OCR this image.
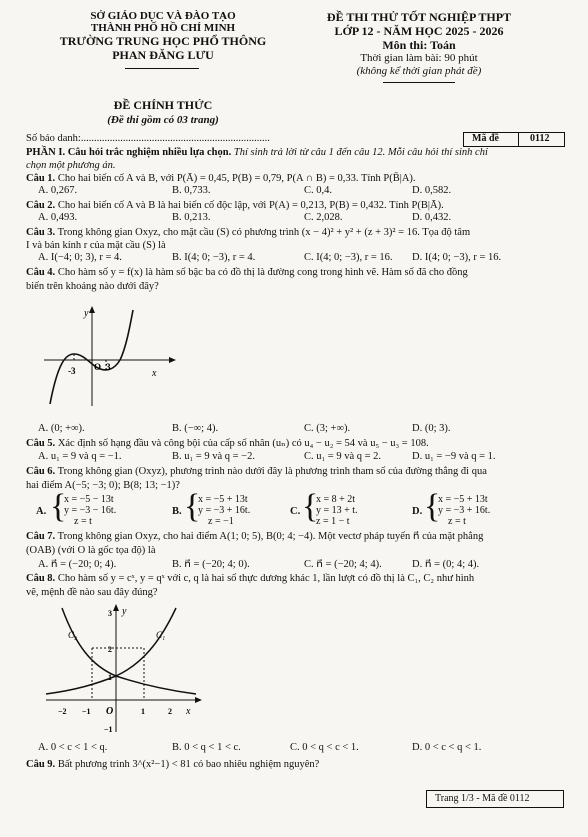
SỞ GIÁO DỤC VÀ ĐÀO TẠO
THÀNH PHỐ HỒ CHÍ MINH
TRƯỜNG TRUNG HỌC PHỔ THÔNG
PHAN ĐĂNG LƯU
ĐỀ CHÍNH THỨC
(Đề thi gồm có 03 trang)
ĐỀ THI THỬ TỐT NGHIỆP THPT
LỚP 12 - NĂM HỌC 2025 - 2026
Môn thi: Toán
Thời gian làm bài: 90 phút
(không kể thời gian phát đề)
Số báo danh:........................................................................	Mã đề	0112
PHẦN I. Câu hỏi trắc nghiệm nhiều lựa chọn. Thí sinh trả lời từ câu 1 đến câu 12. Mỗi câu hỏi thí sinh chỉ
chọn một phương án.
Câu 1. Cho hai biến cố A và B, với P(Ā) = 0,45, P(B) = 0,79, P(A ∩ B) = 0,33. Tính P(B̄|A).
A. 0,267.	B. 0,733.	C. 0,4.	D. 0,582.
Câu 2. Cho hai biến cố A và B là hai biến cố độc lập, với P(A) = 0,213, P(B) = 0,432. Tính P(B|Ā).
A. 0,493.	B. 0,213.	C. 2,028.	D. 0,432.
Câu 3. Trong không gian Oxyz, cho mặt cầu (S) có phương trình (x − 4)² + y² + (z + 3)² = 16. Tọa độ tâm
I và bán kính r của mặt cầu (S) là
A. I(−4; 0; 3), r = 4.	B. I(4; 0; −3), r = 4.	C. I(4; 0; −3), r = 16. D. I(4; 0; −3), r = 16.
Câu 4. Cho hàm số y = f(x) là hàm số bậc ba có đồ thị là đường cong trong hình vẽ. Hàm số đã cho đồng
biến trên khoảng nào dưới đây?
y
x
-3 O 3
A. (0; +∞).	B. (−∞; 4).	C. (3; +∞).	D. (0; 3).
Câu 5. Xác định số hạng đầu và công bội của cấp số nhân (uₙ) có u₄ − u₂ = 54 và u₅ − u₃ = 108.
A. u₁ = 9 và q = −1.	B. u₁ = 9 và q = −2.	C. u₁ = 9 và q = 2.	D. u₁ = −9 và q = 1.
Câu 6. Trong không gian (Oxyz), phương trình nào dưới đây là phương trình tham số của đường thẳng đi qua
hai điểm A(−5; −3; 0); B(8; 13; −1)?
A. {
x = −5 − 13t
y = −3 − 16t.
z = t
B. {
x = −5 + 13t
y = −3 + 16t.
z = −1
C. {
x = 8 + 2t
y = 13 + t.
z = 1 − t
D. {
x = −5 + 13t
y = −3 + 16t.
z = t
Câu 7. Trong không gian Oxyz, cho hai điểm A(1; 0; 5), B(0; 4; −4). Một vectơ pháp tuyến n⃗ của mặt phẳng
(OAB) (với O là gốc tọa độ) là
A. n⃗ = (−20; 0; 4).	B. n⃗ = (−20; 4; 0).	C. n⃗ = (−20; 4; 4).	D. n⃗ = (0; 4; 4).
Câu 8. Cho hàm số y = cˣ, y = qˣ với c, q là hai số thực dương khác 1, lần lượt có đồ thị là C₁, C₂ như hình
vẽ, mệnh đề nào sau đây đúng?
y
3
2
1
−1
−2 −1 O	1	2 x
C₂	C₁
A. 0 < c < 1 < q.	B. 0 < q < 1 < c.	C. 0 < q < c < 1.	D. 0 < c < q < 1.
Câu 9. Bất phương trình 3^(x²−1) < 81 có bao nhiêu nghiệm nguyên?
Trang 1/3 - Mã đề 0112
